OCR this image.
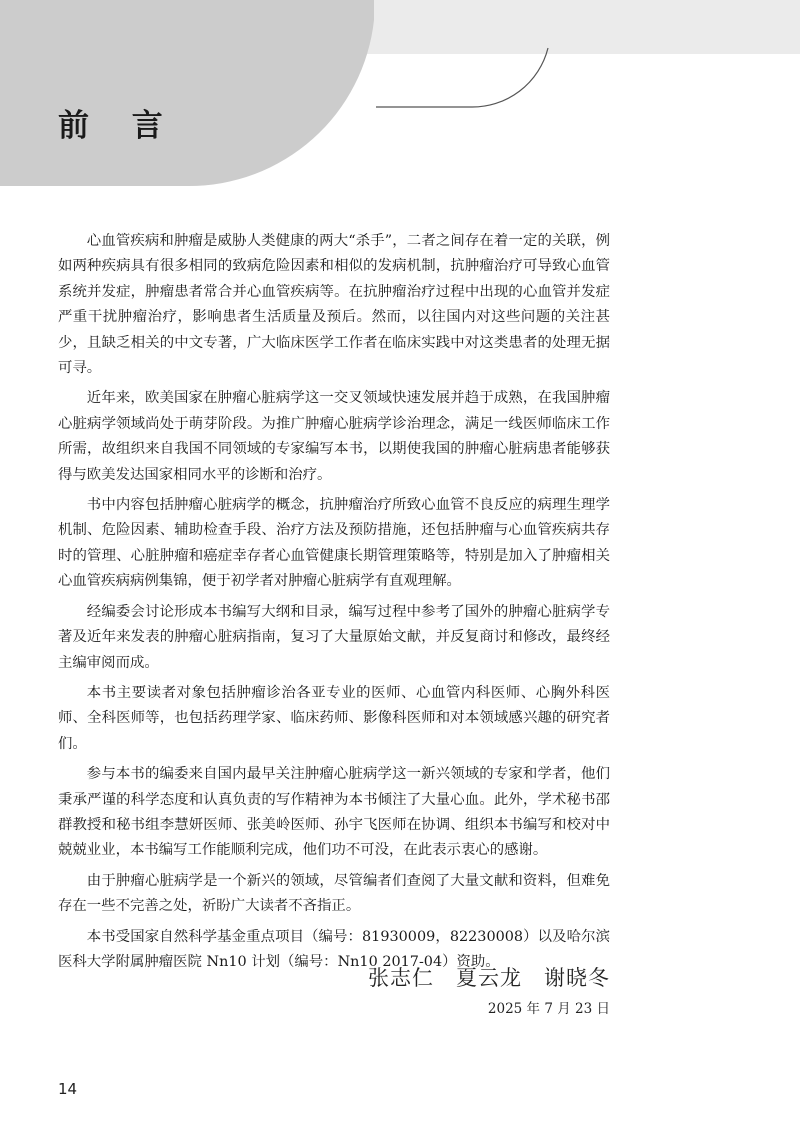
前 言

心血管疾病和肿瘤是威胁人类健康的两大“杀手”，二者之间存在着一定的关联，例如两种疾病具有很多相同的致病危险因素和相似的发病机制，抗肿瘤治疗可导致心血管系统并发症，肿瘤患者常合并心血管疾病等。在抗肿瘤治疗过程中出现的心血管并发症严重干扰肿瘤治疗，影响患者生活质量及预后。然而，以往国内对这些问题的关注甚少，且缺乏相关的中文专著，广大临床医学工作者在临床实践中对这类患者的处理无据可寻。

近年来，欧美国家在肿瘤心脏病学这一交叉领域快速发展并趋于成熟，在我国肿瘤心脏病学领域尚处于萌芽阶段。为推广肿瘤心脏病学诊治理念，满足一线医师临床工作所需，故组织来自我国不同领域的专家编写本书，以期使我国的肿瘤心脏病患者能够获得与欧美发达国家相同水平的诊断和治疗。

书中内容包括肿瘤心脏病学的概念，抗肿瘤治疗所致心血管不良反应的病理生理学机制、危险因素、辅助检查手段、治疗方法及预防措施，还包括肿瘤与心血管疾病共存时的管理、心脏肿瘤和癌症幸存者心血管健康长期管理策略等，特别是加入了肿瘤相关心血管疾病病例集锦，便于初学者对肿瘤心脏病学有直观理解。

经编委会讨论形成本书编写大纲和目录，编写过程中参考了国外的肿瘤心脏病学专著及近年来发表的肿瘤心脏病指南，复习了大量原始文献，并反复商讨和修改，最终经主编审阅而成。

本书主要读者对象包括肿瘤诊治各亚专业的医师、心血管内科医师、心胸外科医师、全科医师等，也包括药理学家、临床药师、影像科医师和对本领域感兴趣的研究者们。

参与本书的编委来自国内最早关注肿瘤心脏病学这一新兴领域的专家和学者，他们秉承严谨的科学态度和认真负责的写作精神为本书倾注了大量心血。此外，学术秘书邵群教授和秘书组李慧妍医师、张美岭医师、孙宇飞医师在协调、组织本书编写和校对中兢兢业业，本书编写工作能顺利完成，他们功不可没，在此表示衷心的感谢。

由于肿瘤心脏病学是一个新兴的领域，尽管编者们查阅了大量文献和资料，但难免存在一些不完善之处，祈盼广大读者不吝指正。

本书受国家自然科学基金重点项目（编号：81930009，82230008）以及哈尔滨医科大学附属肿瘤医院 Nn10 计划（编号：Nn10 2017-04）资助。

张志仁　夏云龙　谢晓冬
2025 年 7 月 23 日
14
